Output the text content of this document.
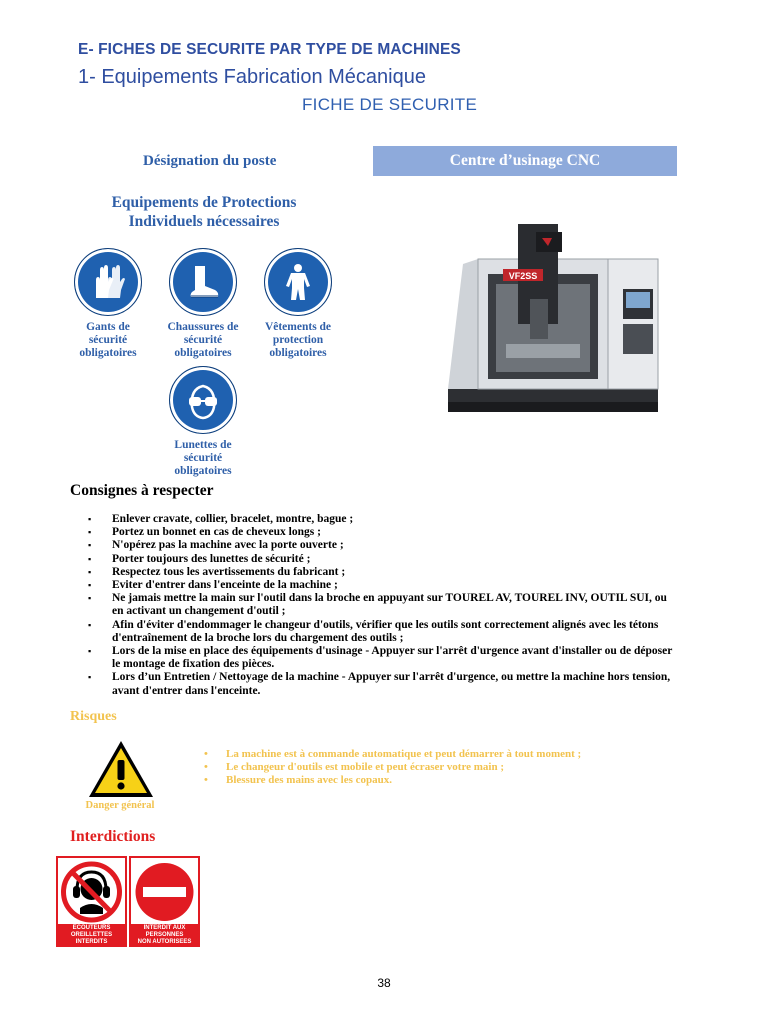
E- FICHES DE SECURITE PAR TYPE DE MACHINES
1- Equipements Fabrication Mécanique
FICHE DE SECURITE
Désignation du poste	Centre d’usinage CNC
Equipements de Protections
Individuels nécessaires
Gants de
sécurité
obligatoires
Chaussures de
sécurité
obligatoires
Vêtements de
protection
obligatoires
Lunettes de
sécurité
obligatoires
VF2SS
Consignes à respecter
▪ Enlever cravate, collier, bracelet, montre, bague ;
▪ Portez un bonnet en cas de cheveux longs ;
▪ N'opérez pas la machine avec la porte ouverte ;
▪ Porter toujours des lunettes de sécurité ;
▪ Respectez tous les avertissements du fabricant ;
▪ Eviter d'entrer dans l'enceinte de la machine ;
▪ Ne jamais mettre la main sur l'outil dans la broche en appuyant sur TOUREL AV, TOUREL INV, OUTIL SUI, ou en activant un changement d'outil ;
▪ Afin d'éviter d'endommager le changeur d'outils, vérifier que les outils sont correctement alignés avec les tétons d'entraînement de la broche lors du chargement des outils ;
▪ Lors de la mise en place des équipements d'usinage - Appuyer sur l'arrêt d'urgence avant d'installer ou de déposer le montage de fixation des pièces.
▪ Lors d’un Entretien / Nettoyage de la machine - Appuyer sur l'arrêt d'urgence, ou mettre la machine hors tension, avant d'entrer dans l'enceinte.
Risques
Danger général
• La machine est à commande automatique et peut démarrer à tout moment ;
• Le changeur d'outils est mobile et peut écraser votre main ;
• Blessure des mains avec les copaux.
Interdictions
ECOUTEURS
OREILLETTES
INTERDITS
INTERDIT AUX
PERSONNES
NON AUTORISEES
38
